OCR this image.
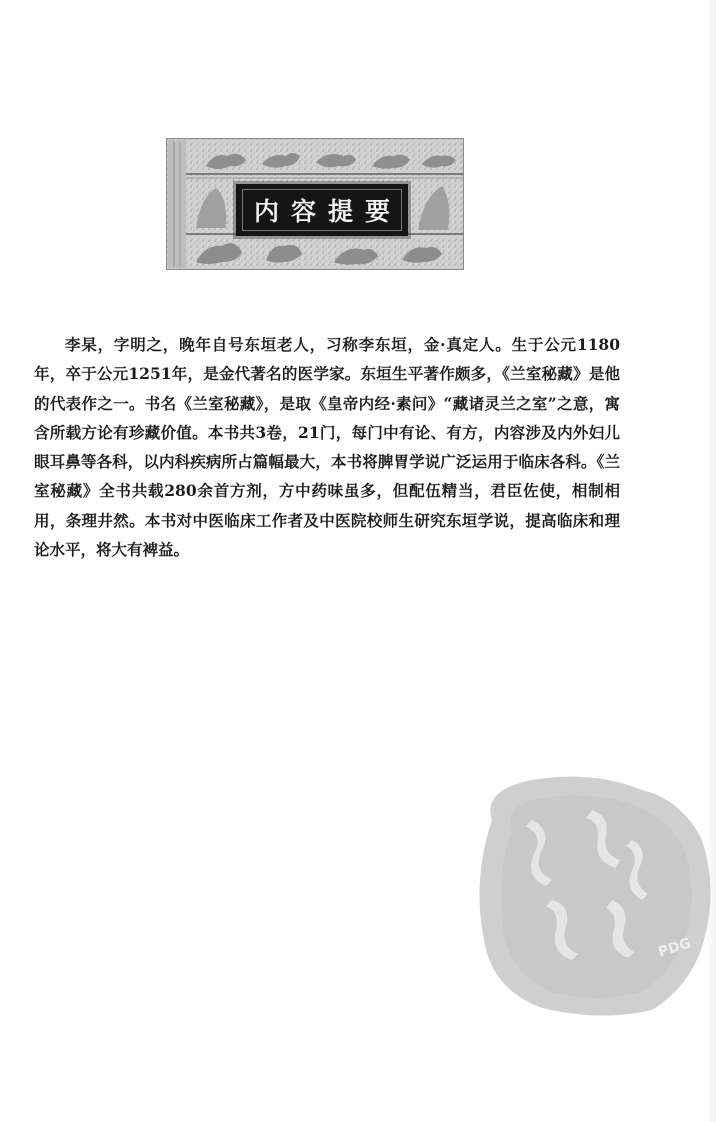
内容提要

李杲，字明之，晚年自号东垣老人，习称李东垣，金·真定人。生于公元1180年，卒于公元1251年，是金代著名的医学家。东垣生平著作颇多，《兰室秘藏》是他的代表作之一。书名《兰室秘藏》，是取《皇帝内经·素问》“藏诸灵兰之室”之意，寓含所载方论有珍藏价值。本书共3卷，21门，每门中有论、有方，内容涉及内外妇儿眼耳鼻等各科，以内科疾病所占篇幅最大，本书将脾胃学说广泛运用于临床各科。《兰室秘藏》全书共载280余首方剂，方中药味虽多，但配伍精当，君臣佐使，相制相用，条理井然。本书对中医临床工作者及中医院校师生研究东垣学说，提高临床和理论水平，将大有裨益。

PDG
